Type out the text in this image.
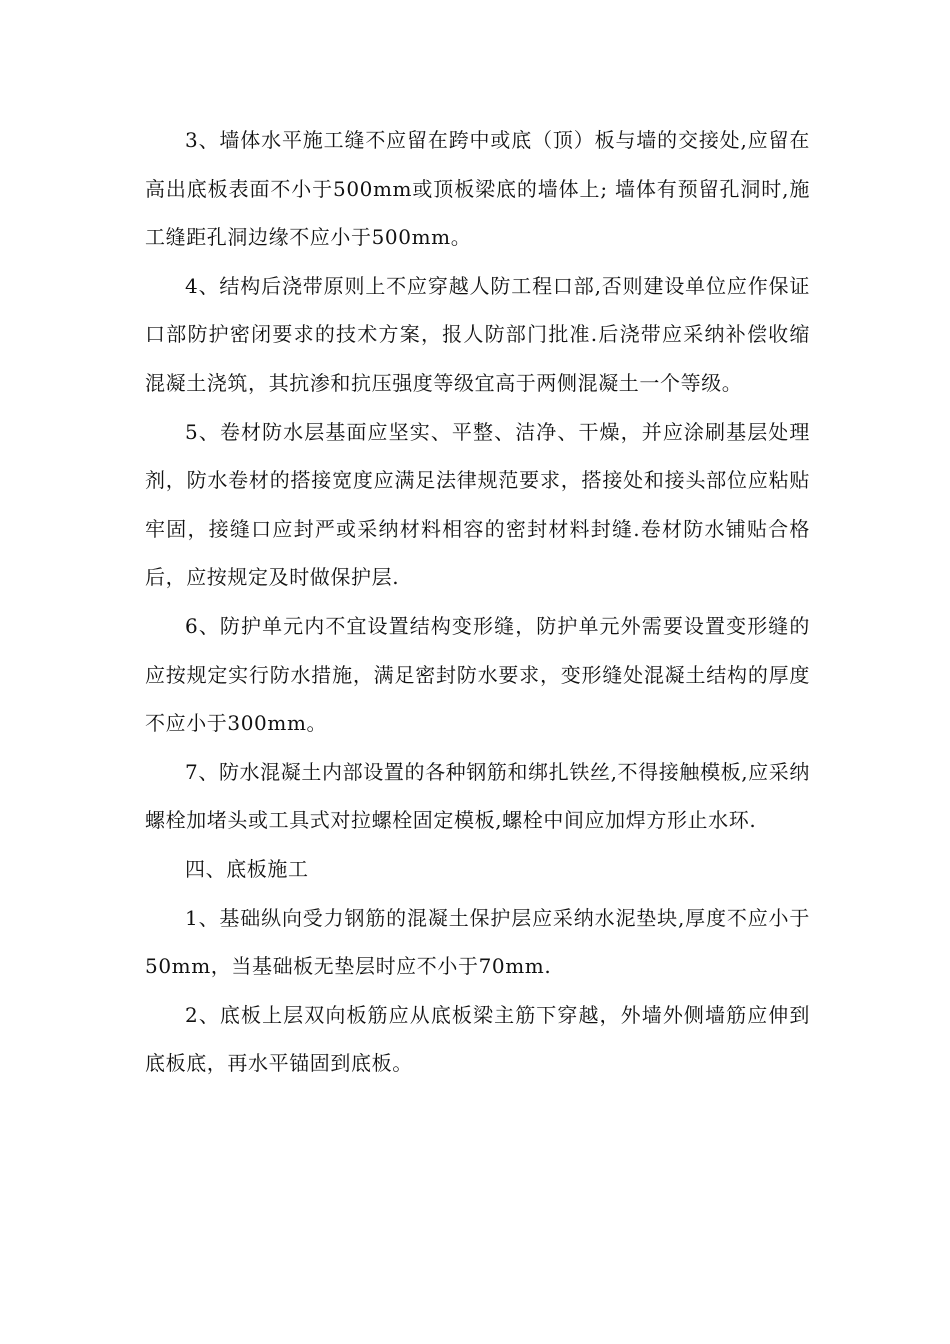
3、墙体水平施工缝不应留在跨中或底（顶）板与墙的交接处,应留在高出底板表面不小于500mm或顶板梁底的墙体上; 墙体有预留孔洞时,施工缝距孔洞边缘不应小于500mm。

4、结构后浇带原则上不应穿越人防工程口部,否则建设单位应作保证口部防护密闭要求的技术方案，报人防部门批准.后浇带应采纳补偿收缩混凝土浇筑，其抗渗和抗压强度等级宜高于两侧混凝土一个等级。

5、卷材防水层基面应坚实、平整、洁净、干燥，并应涂刷基层处理剂，防水卷材的搭接宽度应满足法律规范要求，搭接处和接头部位应粘贴牢固，接缝口应封严或采纳材料相容的密封材料封缝.卷材防水铺贴合格后，应按规定及时做保护层.

6、防护单元内不宜设置结构变形缝，防护单元外需要设置变形缝的应按规定实行防水措施，满足密封防水要求，变形缝处混凝土结构的厚度不应小于300mm。

7、防水混凝土内部设置的各种钢筋和绑扎铁丝,不得接触模板,应采纳螺栓加堵头或工具式对拉螺栓固定模板,螺栓中间应加焊方形止水环.

四、底板施工

1、基础纵向受力钢筋的混凝土保护层应采纳水泥垫块,厚度不应小于50mm，当基础板无垫层时应不小于70mm.

2、底板上层双向板筋应从底板梁主筋下穿越，外墙外侧墙筋应伸到底板底，再水平锚固到底板。
